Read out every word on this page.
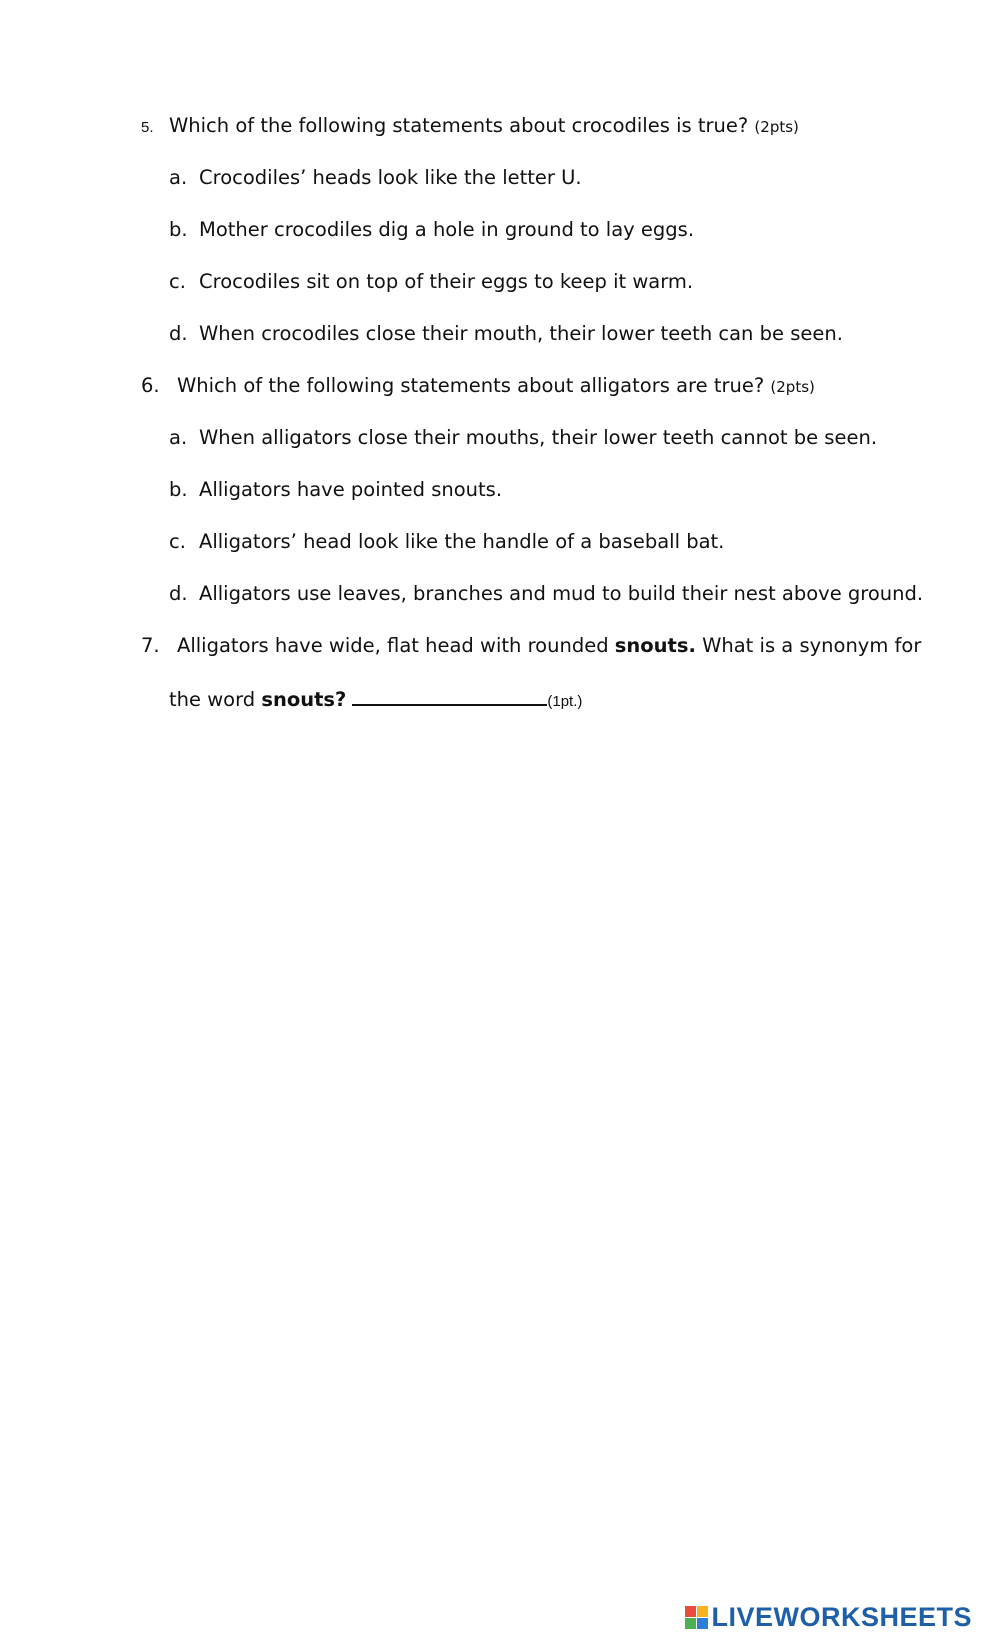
5. Which of the following statements about crocodiles is true? (2pts)
a. Crocodiles’ heads look like the letter U.
b. Mother crocodiles dig a hole in ground to lay eggs.
c. Crocodiles sit on top of their eggs to keep it warm.
d. When crocodiles close their mouth, their lower teeth can be seen.
6. Which of the following statements about alligators are true? (2pts)
a. When alligators close their mouths, their lower teeth cannot be seen.
b. Alligators have pointed snouts.
c. Alligators’ head look like the handle of a baseball bat.
d. Alligators use leaves, branches and mud to build their nest above ground.
7. Alligators have wide, flat head with rounded snouts. What is a synonym for
the word snouts?	(1pt.)
LIVEWORKSHEETS
